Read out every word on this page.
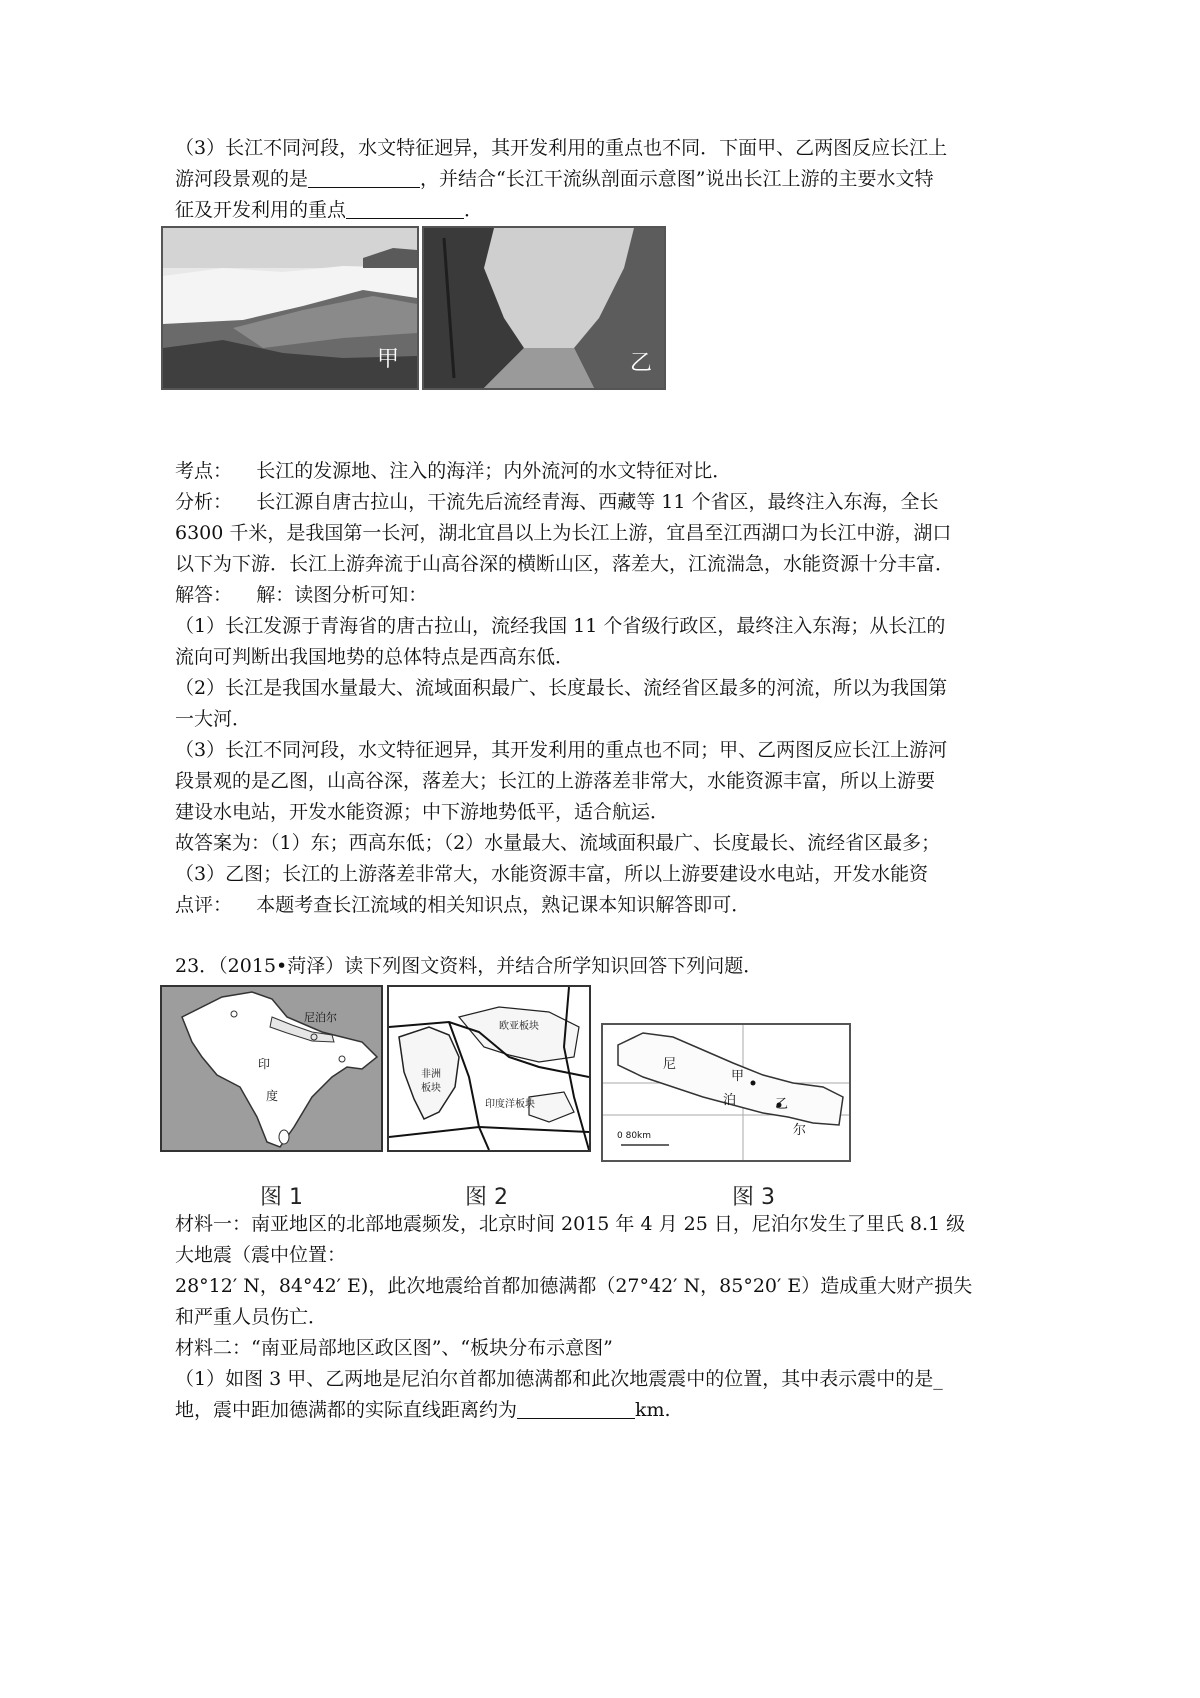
（3）长江不同河段，水文特征迥异，其开发利用的重点也不同．下面甲、乙两图反应长江上

游河段景观的是	，并结合“长江干流纵剖面示意图”说出长江上游的主要水文特

征及开发利用的重点	．

甲	乙

考点： 长江的发源地、注入的海洋；内外流河的水文特征对比．

分析： 长江源自唐古拉山，干流先后流经青海、西藏等 11 个省区，最终注入东海，全长

6300 千米，是我国第一长河，湖北宜昌以上为长江上游，宜昌至江西湖口为长江中游，湖口

以下为下游．长江上游奔流于山高谷深的横断山区，落差大，江流湍急，水能资源十分丰富．

解答： 解：读图分析可知：

（1）长江发源于青海省的唐古拉山，流经我国 11 个省级行政区，最终注入东海；从长江的

流向可判断出我国地势的总体特点是西高东低．

（2）长江是我国水量最大、流域面积最广、长度最长、流经省区最多的河流，所以为我国第

一大河．

（3）长江不同河段，水文特征迥异，其开发利用的重点也不同；甲、乙两图反应长江上游河

段景观的是乙图，山高谷深，落差大；长江的上游落差非常大，水能资源丰富，所以上游要

建设水电站，开发水能资源；中下游地势低平，适合航运．

故答案为：（1）东；西高东低；（2）水量最大、流域面积最广、长度最长、流经省区最多；

（3）乙图；长江的上游落差非常大，水能资源丰富，所以上游要建设水电站，开发水能资

点评： 本题考查长江流域的相关知识点，熟记课本知识解答即可．

23．（2015•菏泽）读下列图文资料，并结合所学知识回答下列问题．

尼泊尔
印
度
欧亚板块
非洲
板块
印度洋板块
尼
泊
尔
甲
乙
0 80km
图 1	图 2	图 3

材料一：南亚地区的北部地震频发，北京时间 2015 年 4 月 25 日，尼泊尔发生了里氏 8.1 级

大地震（震中位置：

28°12′ N，84°42′ E)，此次地震给首都加德满都（27°42′ N，85°20′ E）造成重大财产损失

和严重人员伤亡．

材料二：“南亚局部地区政区图”、“板块分布示意图”

（1）如图 3 甲、乙两地是尼泊尔首都加德满都和此次地震震中的位置，其中表示震中的是_

地，震中距加德满都的实际直线距离约为	km.
